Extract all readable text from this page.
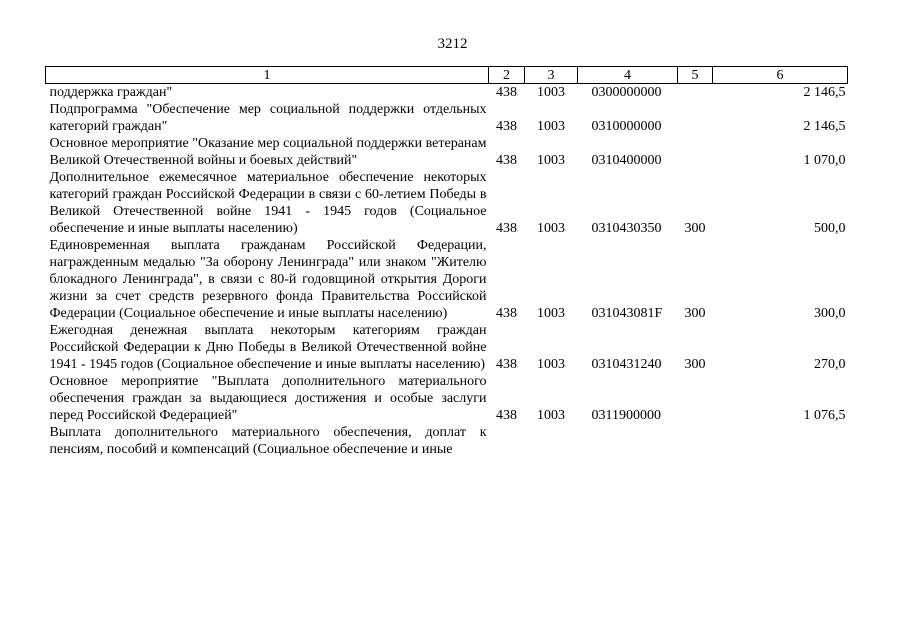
3212
1	2	3	4	5	6
поддержка граждан"	438	1003	0300000000		2 146,5
Подпрограмма "Обеспечение мер социальной поддержки отдельных категорий граждан"	438	1003	0310000000		2 146,5
Основное мероприятие "Оказание мер социальной поддержки ветеранам Великой Отечественной войны и боевых действий"	438	1003	0310400000		1 070,0
Дополнительное ежемесячное материальное обеспечение некоторых категорий граждан Российской Федерации в связи с 60-летием Победы в Великой Отечественной войне 1941 - 1945 годов (Социальное обеспечение и иные выплаты населению)	438	1003	0310430350	300	500,0
Единовременная выплата гражданам Российской Федерации, награжденным медалью "За оборону Ленинграда" или знаком "Жителю блокадного Ленинграда", в связи с 80-й годовщиной открытия Дороги жизни за счет средств резервного фонда Правительства Российской Федерации (Социальное обеспечение и иные выплаты населению)	438	1003	031043081F	300	300,0
Ежегодная денежная выплата некоторым категориям граждан Российской Федерации к Дню Победы в Великой Отечественной войне 1941 - 1945 годов (Социальное обеспечение и иные выплаты населению)	438	1003	0310431240	300	270,0
Основное мероприятие "Выплата дополнительного материального обеспечения граждан за выдающиеся достижения и особые заслуги перед Российской Федерацией"	438	1003	0311900000		1 076,5
Выплата дополнительного материального обеспечения, доплат к пенсиям, пособий и компенсаций (Социальное обеспечение и иные					
